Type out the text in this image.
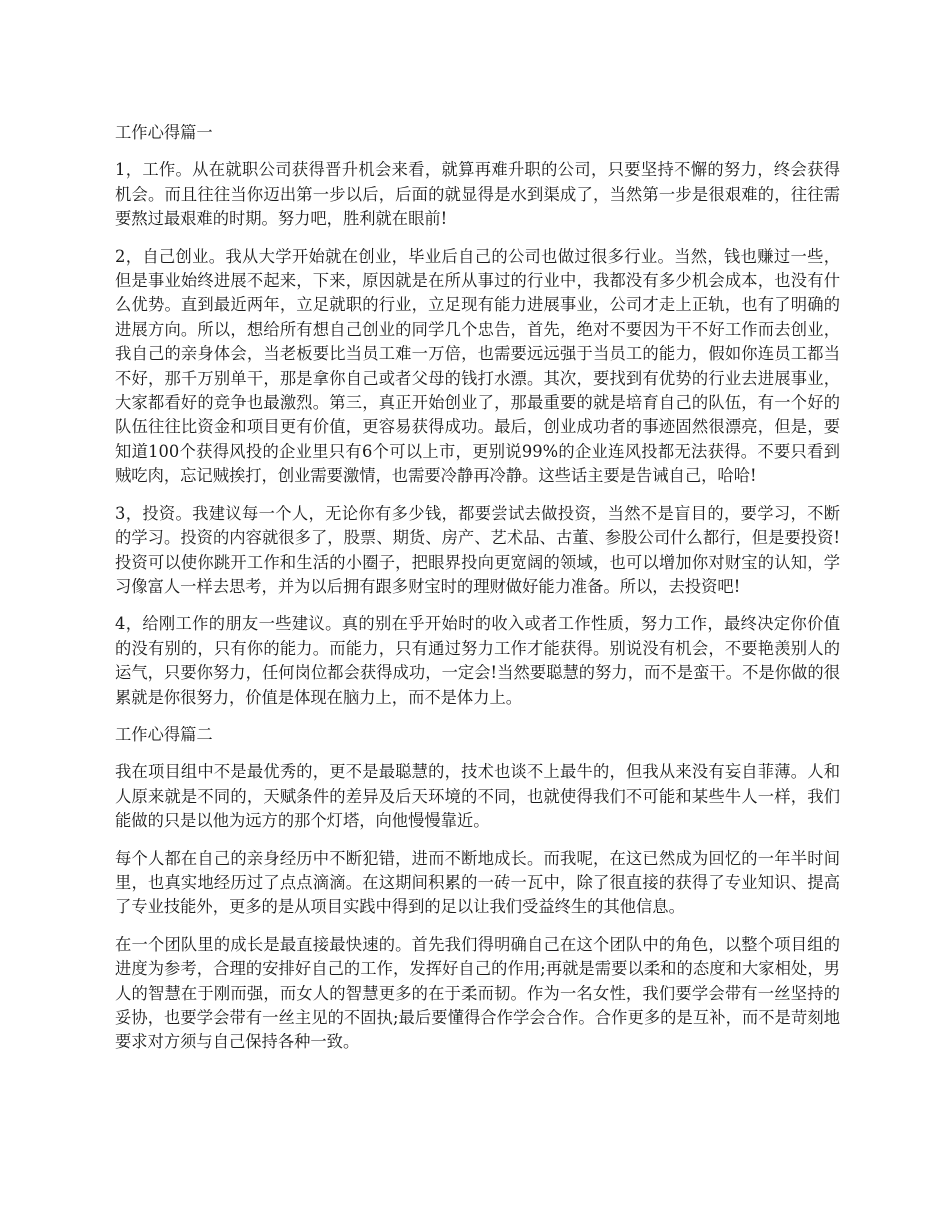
工作心得篇一

1，工作。从在就职公司获得晋升机会来看，就算再难升职的公司，只要坚持不懈的努力，终会获得机会。而且往往当你迈出第一步以后，后面的就显得是水到渠成了，当然第一步是很艰难的，往往需要熬过最艰难的时期。努力吧，胜利就在眼前!

2，自己创业。我从大学开始就在创业，毕业后自己的公司也做过很多行业。当然，钱也赚过一些，但是事业始终进展不起来，下来，原因就是在所从事过的行业中，我都没有多少机会成本，也没有什么优势。直到最近两年，立足就职的行业，立足现有能力进展事业，公司才走上正轨，也有了明确的进展方向。所以，想给所有想自己创业的同学几个忠告，首先，绝对不要因为干不好工作而去创业，我自己的亲身体会，当老板要比当员工难一万倍，也需要远远强于当员工的能力，假如你连员工都当不好，那千万别单干，那是拿你自己或者父母的钱打水漂。其次，要找到有优势的行业去进展事业，大家都看好的竞争也最激烈。第三，真正开始创业了，那最重要的就是培育自己的队伍，有一个好的队伍往往比资金和项目更有价值，更容易获得成功。最后，创业成功者的事迹固然很漂亮，但是，要知道100个获得风投的企业里只有6个可以上市，更别说99%的企业连风投都无法获得。不要只看到贼吃肉，忘记贼挨打，创业需要激情，也需要冷静再冷静。这些话主要是告诫自己，哈哈!

3，投资。我建议每一个人，无论你有多少钱，都要尝试去做投资，当然不是盲目的，要学习，不断的学习。投资的内容就很多了，股票、期货、房产、艺术品、古董、参股公司什么都行，但是要投资!投资可以使你跳开工作和生活的小圈子，把眼界投向更宽阔的领域，也可以增加你对财宝的认知，学习像富人一样去思考，并为以后拥有跟多财宝时的理财做好能力准备。所以，去投资吧!

4，给刚工作的朋友一些建议。真的别在乎开始时的收入或者工作性质，努力工作，最终决定你价值的没有别的，只有你的能力。而能力，只有通过努力工作才能获得。别说没有机会，不要艳羡别人的运气，只要你努力，任何岗位都会获得成功，一定会!当然要聪慧的努力，而不是蛮干。不是你做的很累就是你很努力，价值是体现在脑力上，而不是体力上。

工作心得篇二

我在项目组中不是最优秀的，更不是最聪慧的，技术也谈不上最牛的，但我从来没有妄自菲薄。人和人原来就是不同的，天赋条件的差异及后天环境的不同，也就使得我们不可能和某些牛人一样，我们能做的只是以他为远方的那个灯塔，向他慢慢靠近。

每个人都在自己的亲身经历中不断犯错，进而不断地成长。而我呢，在这已然成为回忆的一年半时间里，也真实地经历过了点点滴滴。在这期间积累的一砖一瓦中，除了很直接的获得了专业知识、提高了专业技能外，更多的是从项目实践中得到的足以让我们受益终生的其他信息。

在一个团队里的成长是最直接最快速的。首先我们得明确自己在这个团队中的角色，以整个项目组的进度为参考，合理的安排好自己的工作，发挥好自己的作用;再就是需要以柔和的态度和大家相处，男人的智慧在于刚而强，而女人的智慧更多的在于柔而韧。作为一名女性，我们要学会带有一丝坚持的妥协，也要学会带有一丝主见的不固执;最后要懂得合作学会合作。合作更多的是互补，而不是苛刻地要求对方须与自己保持各种一致。
